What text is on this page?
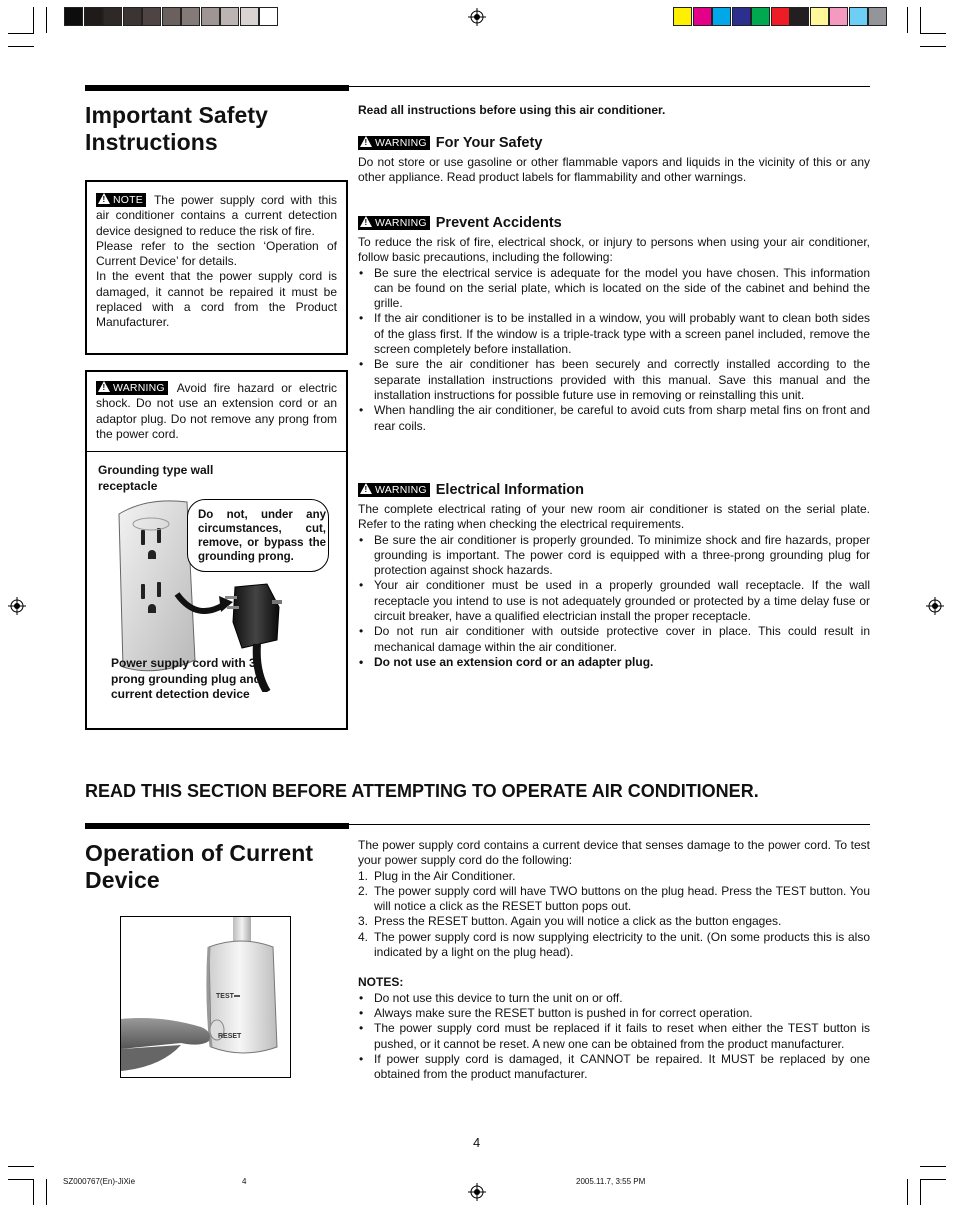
Important Safety
Instructions
! NOTE The power supply cord with this air conditioner contains a current detection device designed to reduce the risk of fire.
Please refer to the section ‘Operation of Current Device’ for details.
In the event that the power supply cord is damaged, it cannot be repaired it must be replaced with a cord from the Product Manufacturer.
! WARNING Avoid fire hazard or electric shock. Do not use an extension cord or an adaptor plug. Do not remove any prong from the power cord.
Grounding type wall receptacle
Do not, under any circumstances, cut, remove, or bypass the grounding prong.
Power supply cord with 3-prong grounding plug and current detection device
Read all instructions before using this air conditioner.
! WARNING For Your Safety
Do not store or use gasoline or other flammable vapors and liquids in the vicinity of this or any other appliance. Read product labels for flammability and other warnings.
! WARNING Prevent Accidents
To reduce the risk of fire, electrical shock, or injury to persons when using your air conditioner, follow basic precautions, including the following:
• Be sure the electrical service is adequate for the model you have chosen. This information can be found on the serial plate, which is located on the side of the cabinet and behind the grille.
• If the air conditioner is to be installed in a window, you will probably want to clean both sides of the glass first. If the window is a triple-track type with a screen panel included, remove the screen completely before installation.
• Be sure the air conditioner has been securely and correctly installed according to the separate installation instructions provided with this manual. Save this manual and the installation instructions for possible future use in removing or reinstalling this unit.
• When handling the air conditioner, be careful to avoid cuts from sharp metal fins on front and rear coils.
! WARNING Electrical Information
The complete electrical rating of your new room air conditioner is stated on the serial plate. Refer to the rating when checking the electrical requirements.
• Be sure the air conditioner is properly grounded. To minimize shock and fire hazards, proper grounding is important. The power cord is equipped with a three-prong grounding plug for protection against shock hazards.
• Your air conditioner must be used in a properly grounded wall receptacle. If the wall receptacle you intend to use is not adequately grounded or protected by a time delay fuse or circuit breaker, have a qualified electrician install the proper receptacle.
• Do not run air conditioner with outside protective cover in place. This could result in mechanical damage within the air conditioner.
• Do not use an extension cord or an adapter plug.
READ THIS SECTION BEFORE ATTEMPTING TO OPERATE AIR CONDITIONER.
Operation of Current
Device
TEST
RESET
The power supply cord contains a current device that senses damage to the power cord. To test your power supply cord do the following:
1. Plug in the Air Conditioner.
2. The power supply cord will have TWO buttons on the plug head. Press the TEST button. You will notice a click as the RESET button pops out.
3. Press the RESET button. Again you will notice a click as the button engages.
4. The power supply cord is now supplying electricity to the unit. (On some products this is also indicated by a light on the plug head).
NOTES:
• Do not use this device to turn the unit on or off.
• Always make sure the RESET button is pushed in for correct operation.
• The power supply cord must be replaced if it fails to reset when either the TEST button is pushed, or it cannot be reset. A new one can be obtained from the product manufacturer.
• If power supply cord is damaged, it CANNOT be repaired. It MUST be replaced by one obtained from the product manufacturer.
4
SZ000767(En)-JiXie	4	2005.11.7, 3:55 PM
